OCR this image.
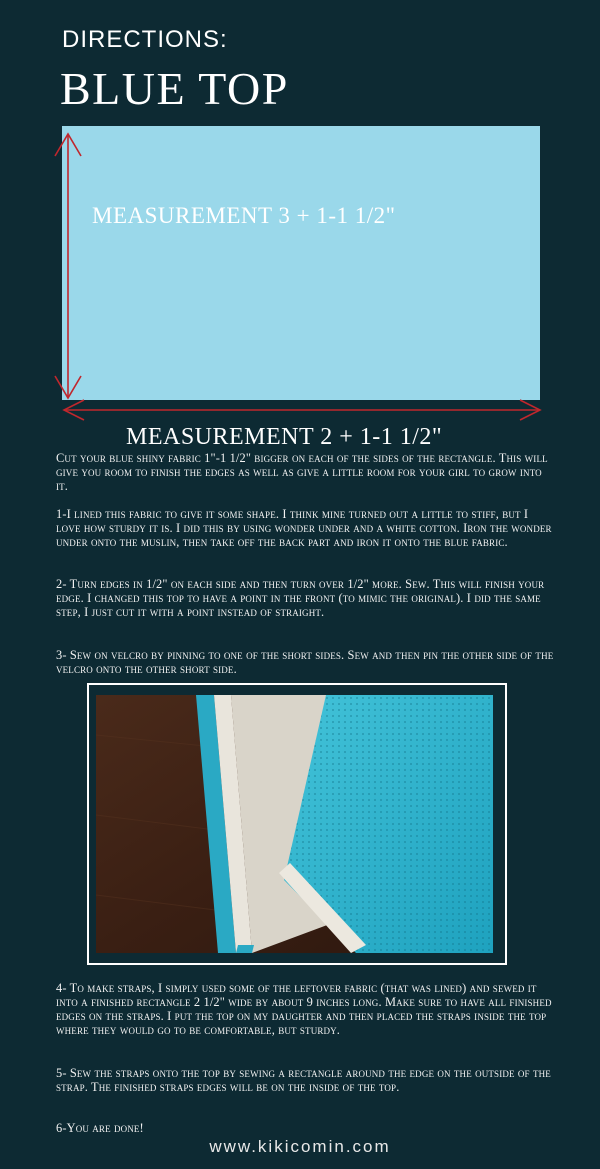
DIRECTIONS:
BLUE TOP
MEASUREMENT 3 + 1-1 1/2"
MEASUREMENT 2 + 1-1 1/2"

Cut your blue shiny fabric 1"-1 1/2" bigger on each of the sides of the rectangle. This will give you room to finish the edges as well as give a little room for your girl to grow into it.

1-I lined this fabric to give it some shape. I think mine turned out a little to stiff, but I love how sturdy it is. I did this by using wonder under and a white cotton. Iron the wonder under onto the muslin, then take off the back part and iron it onto the blue fabric.

2- Turn edges in 1/2" on each side and then turn over 1/2" more. Sew. This will finish your edge. I changed this top to have a point in the front (to mimic the original). I did the same step, I just cut it with a point instead of straight.

3- Sew on velcro by pinning to one of the short sides. Sew and then pin the other side of the velcro onto the other short side.

4- To make straps, I simply used some of the leftover fabric (that was lined) and sewed it into a finished rectangle 2 1/2" wide by about 9 inches long. Make sure to have all finished edges on the straps. I put the top on my daughter and then placed the straps inside the top where they would go to be comfortable, but sturdy.

5- Sew the straps onto the top by sewing a rectangle around the edge on the outside of the strap. The finished straps edges will be on the inside of the top.

6-You are done!

www.kikicomin.com
